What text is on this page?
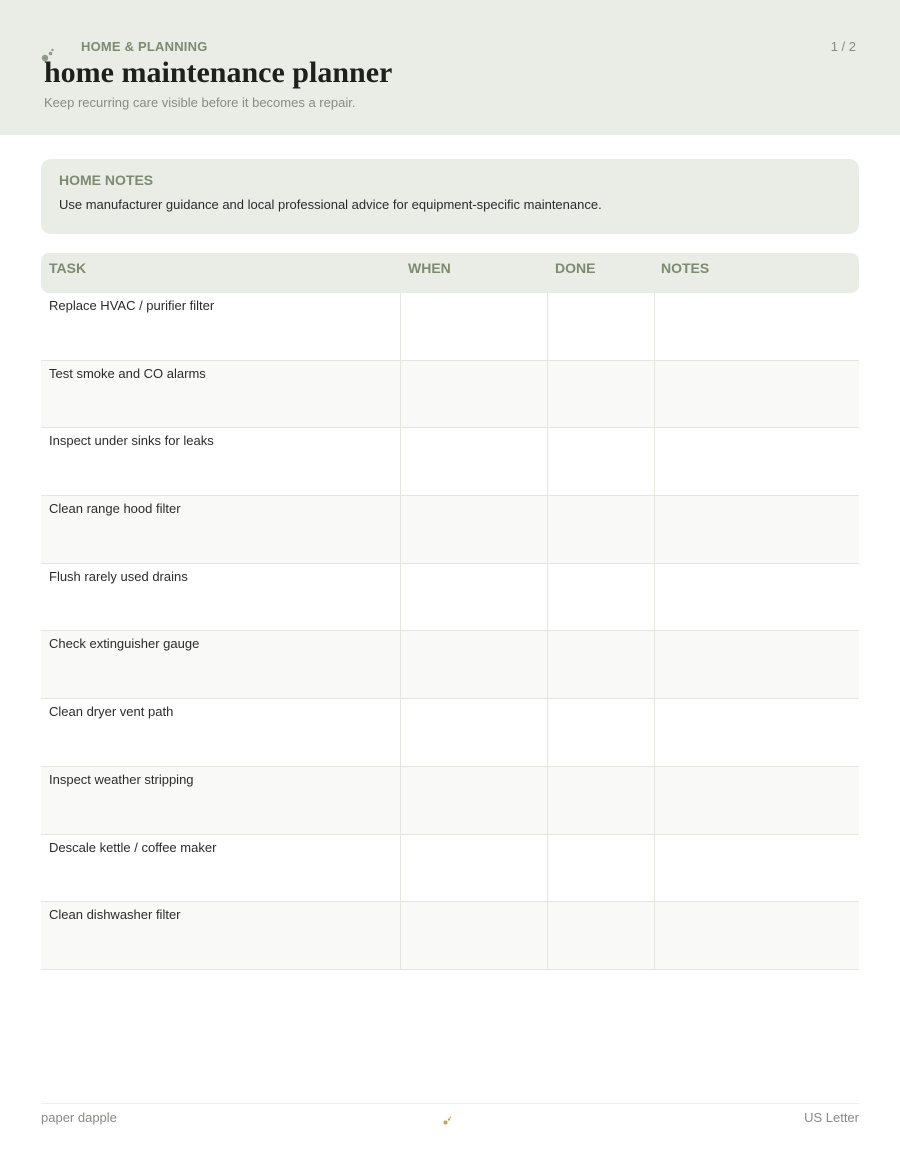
HOME & PLANNING	1 / 2
home maintenance planner
Keep recurring care visible before it becomes a repair.
HOME NOTES
Use manufacturer guidance and local professional advice for equipment-specific maintenance.
TASK	WHEN	DONE	NOTES
Replace HVAC / purifier filter
Test smoke and CO alarms
Inspect under sinks for leaks
Clean range hood filter
Flush rarely used drains
Check extinguisher gauge
Clean dryer vent path
Inspect weather stripping
Descale kettle / coffee maker
Clean dishwasher filter
paper dapple	US Letter
